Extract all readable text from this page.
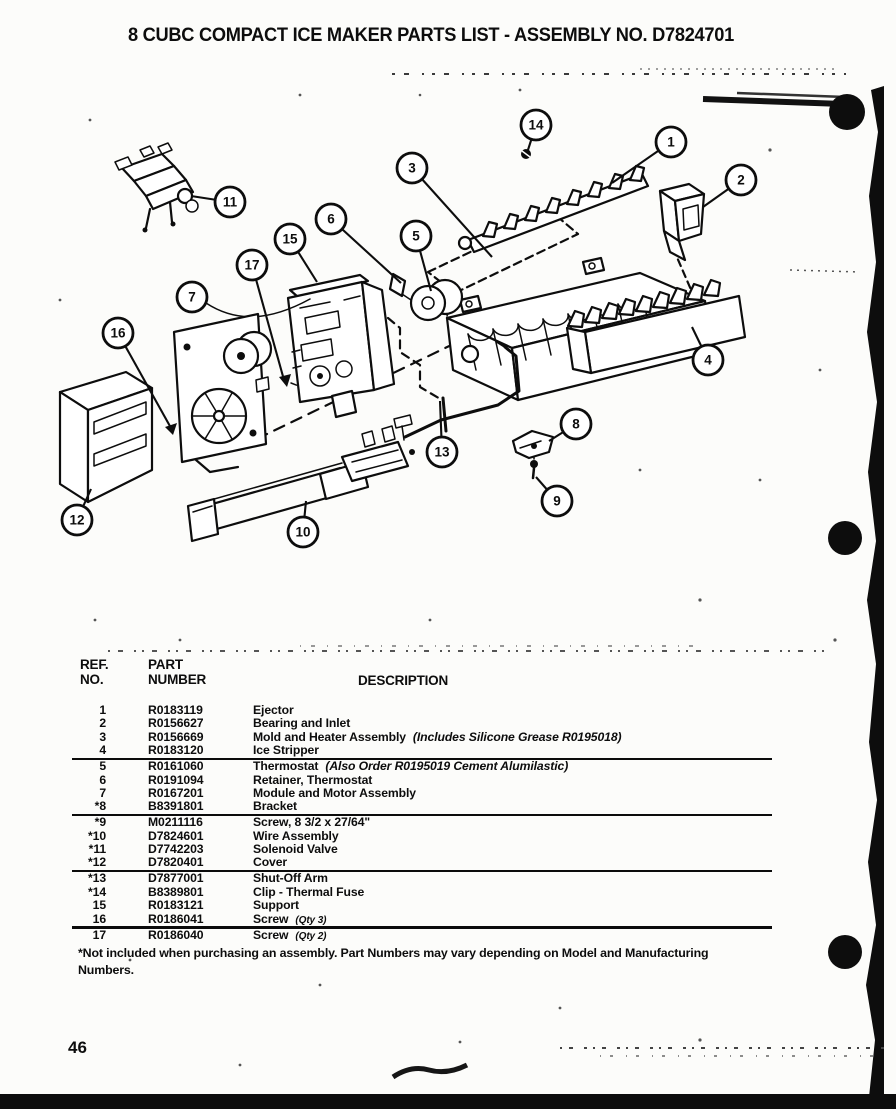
1
2
3
4
5
6
7
8
9
10
11
12
13
14
15
16
17
8 CUBC COMPACT ICE MAKER PARTS LIST - ASSEMBLY NO. D7824701
REF.
NO.
PART
NUMBER	DESCRIPTION
1	R0183119	Ejector
2	R0156627	Bearing and Inlet
3	R0156669	Mold and Heater Assembly (Includes Silicone Grease R0195018)
4	R0183120	Ice Stripper
5	R0161060	Thermostat (Also Order R0195019 Cement Alumilastic)
6	R0191094	Retainer, Thermostat
7	R0167201	Module and Motor Assembly
*8	B8391801	Bracket
*9	M0211116	Screw, 8 3/2 x 27/64"
*10	D7824601	Wire Assembly
*11	D7742203	Solenoid Valve
*12	D7820401	Cover
*13	D7877001	Shut-Off Arm
*14	B8389801	Clip - Thermal Fuse
15	R0183121	Support
16	R0186041	Screw (Qty 3)
17	R0186040	Screw (Qty 2)
*Not included when purchasing an assembly. Part Numbers may vary depending on Model and Manufacturing
Numbers.
46
